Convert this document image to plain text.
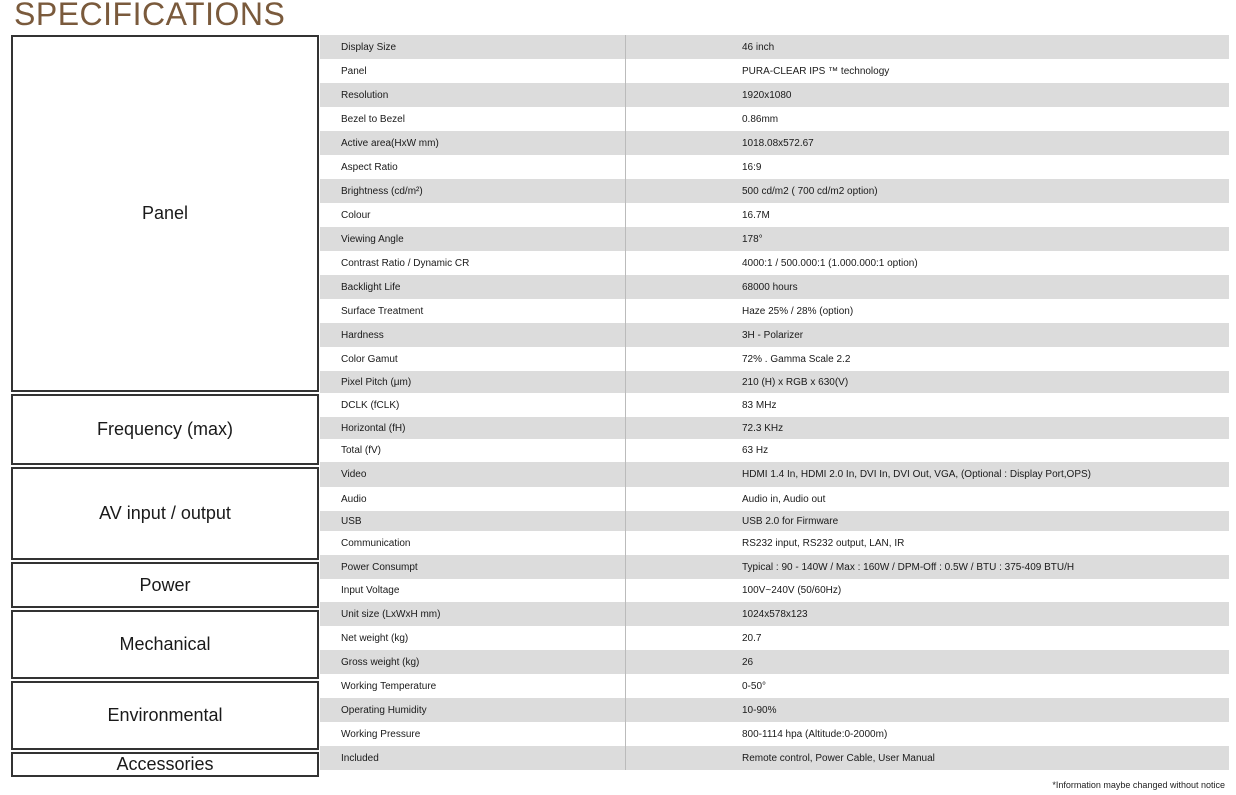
SPECIFICATIONS
Panel
Frequency (max)
AV input / output
Power
Mechanical
Environmental
Accessories
Display Size	46 inch
Panel	PURA-CLEAR IPS ™ technology
Resolution	1920x1080
Bezel to Bezel	0.86mm
Active area(HxW mm)	1018.08x572.67
Aspect Ratio	16:9
Brightness (cd/m²)	500 cd/m2 ( 700 cd/m2 option)
Colour	16.7M
Viewing Angle	178°
Contrast Ratio / Dynamic CR	4000:1 / 500.000:1 (1.000.000:1 option)
Backlight Life	68000 hours
Surface Treatment	Haze 25% / 28% (option)
Hardness	3H - Polarizer
Color Gamut	72% . Gamma Scale 2.2
Pixel Pitch (μm)	210 (H) x RGB x 630(V)
DCLK (fCLK)	83 MHz
Horizontal (fH)	72.3 KHz
Total (fV)	63 Hz
Video	HDMI 1.4 In, HDMI 2.0 In, DVI In, DVI Out, VGA, (Optional : Display Port,OPS)
Audio	Audio in, Audio out
USB	USB 2.0 for Firmware
Communication	RS232 input, RS232 output, LAN, IR
Power Consumpt	Typical : 90 - 140W / Max : 160W / DPM-Off : 0.5W / BTU : 375-409 BTU/H
Input Voltage	100V~240V (50/60Hz)
Unit size (LxWxH mm)	1024x578x123
Net weight (kg)	20.7
Gross weight (kg)	26
Working Temperature	0-50°
Operating Humidity	10-90%
Working Pressure	800-1114 hpa (Altitude:0-2000m)
Included	Remote control, Power Cable, User Manual
*Information maybe changed without notice
